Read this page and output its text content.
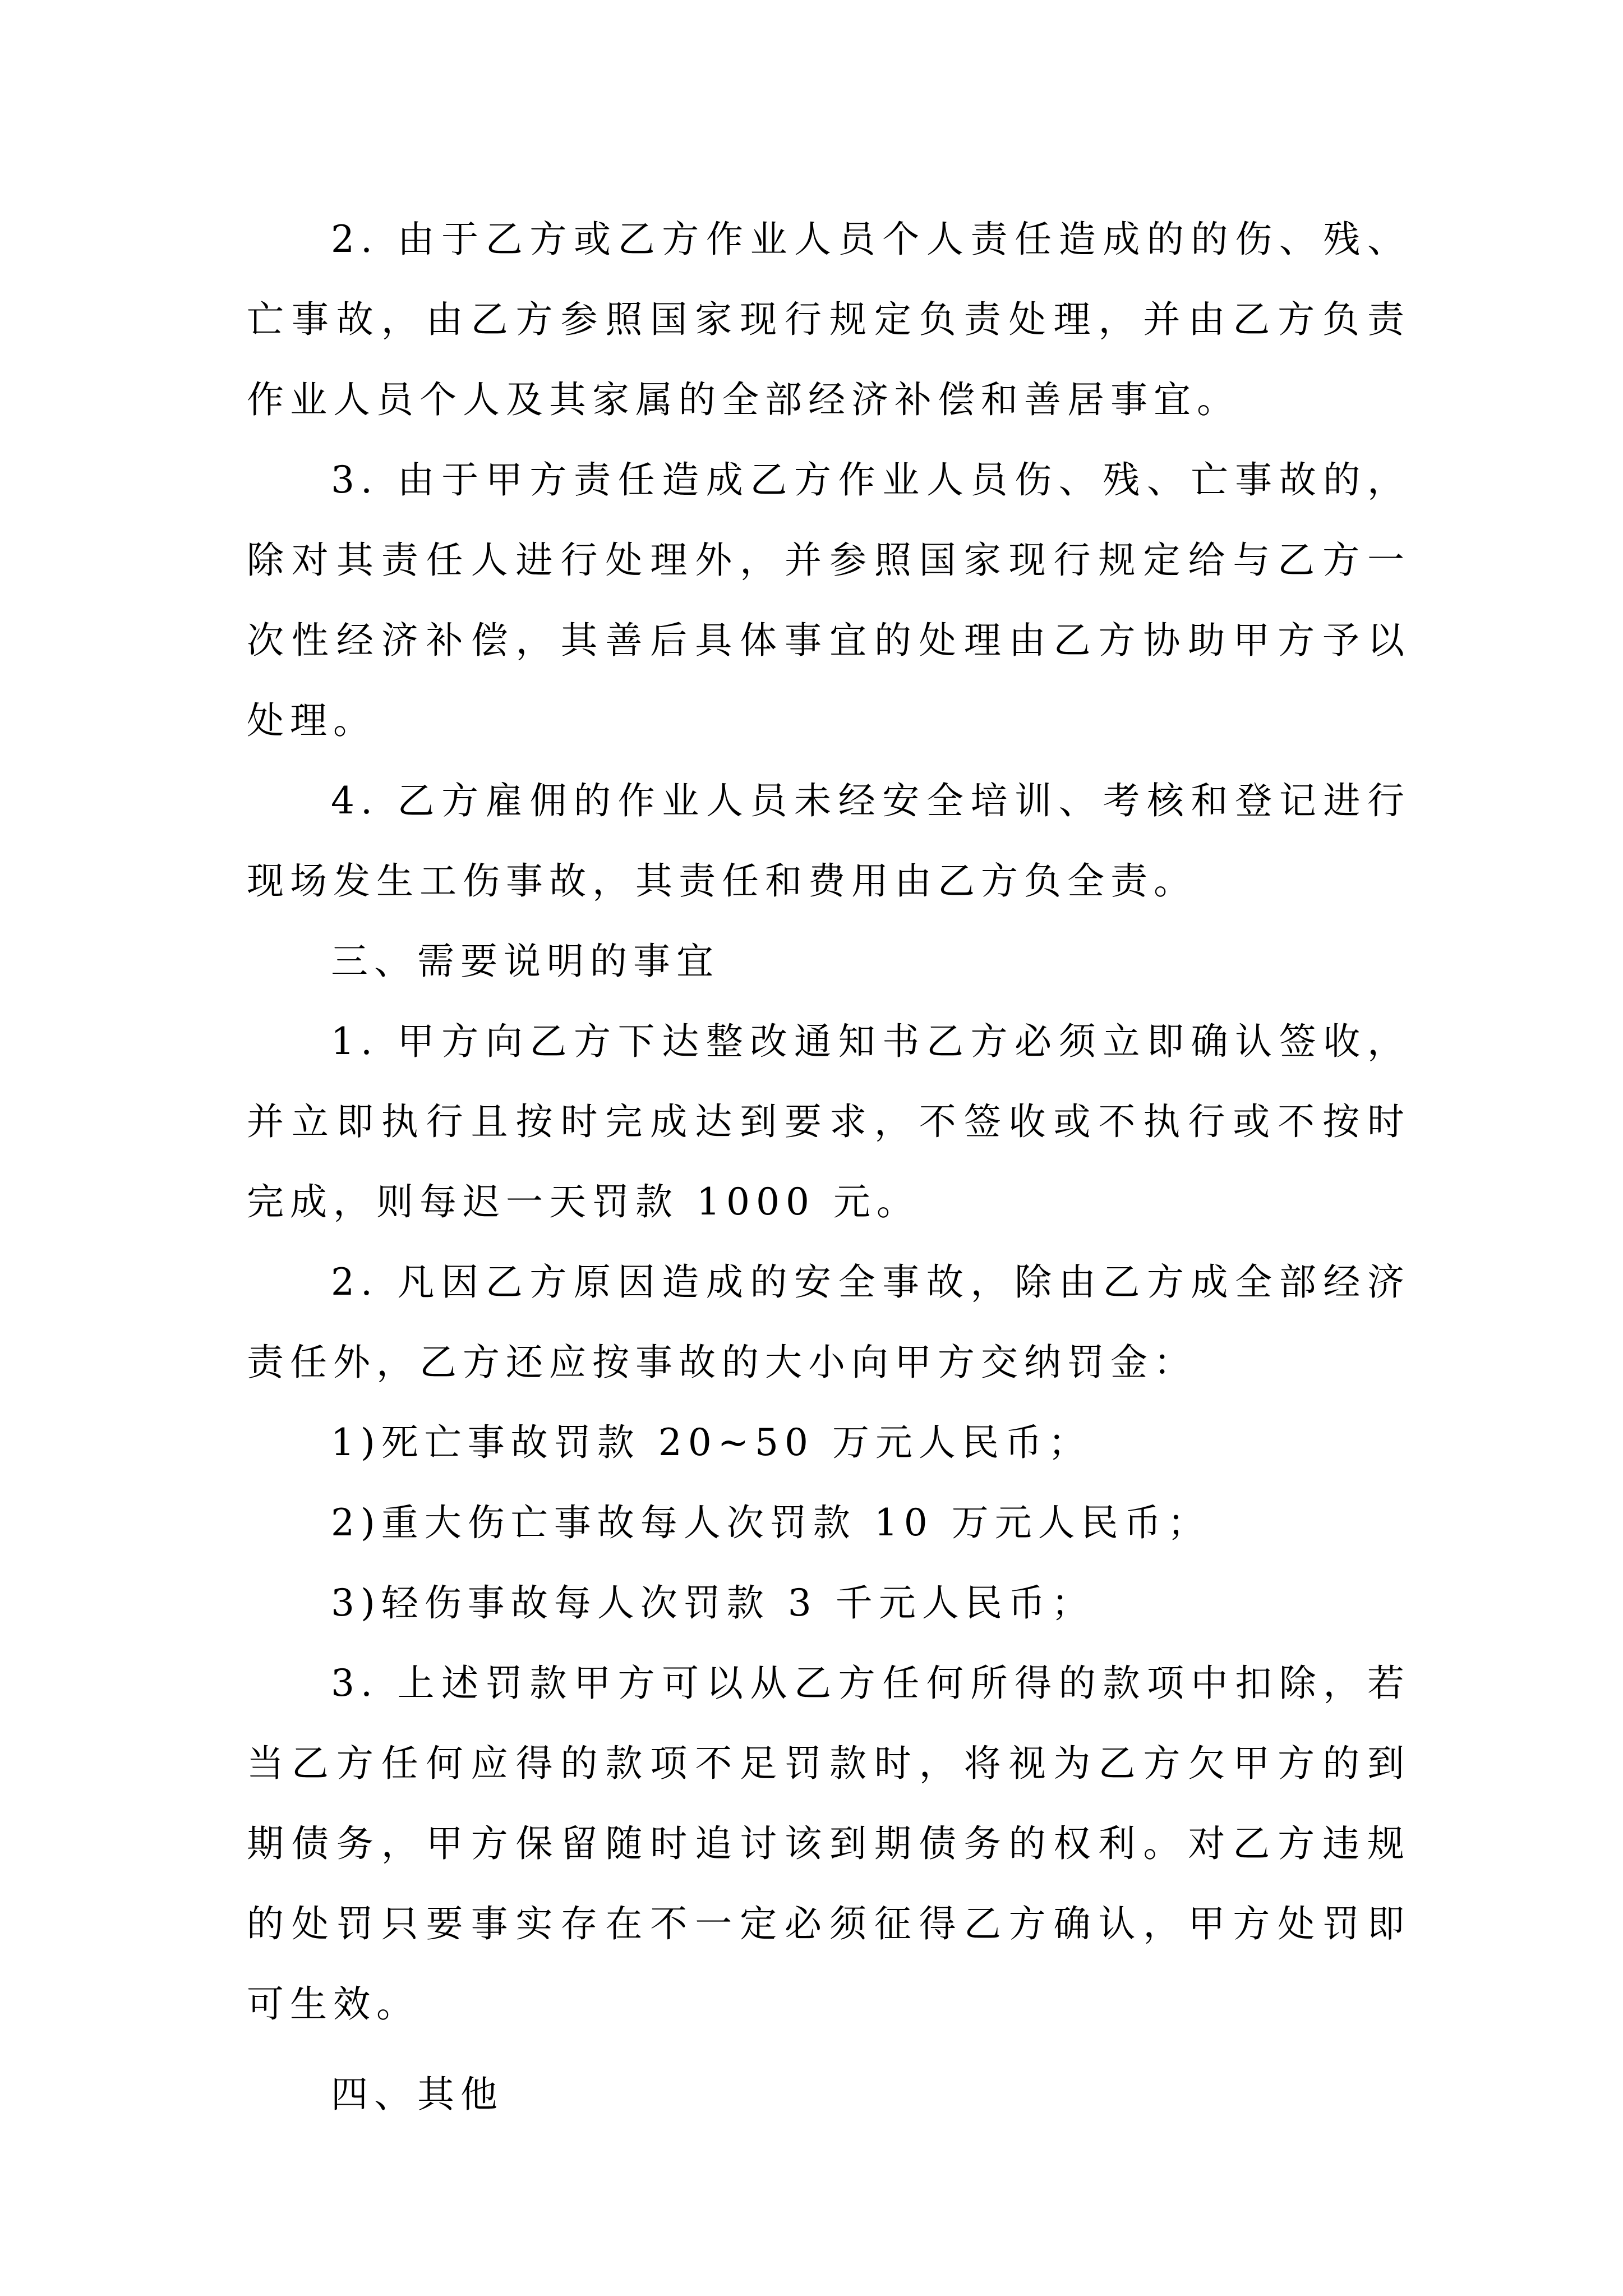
2. 由于乙方或乙方作业人员个人责任造成的的伤、残、亡事故，由乙方参照国家现行规定负责处理，并由乙方负责作业人员个人及其家属的全部经济补偿和善居事宜。

3. 由于甲方责任造成乙方作业人员伤、残、亡事故的，除对其责任人进行处理外，并参照国家现行规定给与乙方一次性经济补偿，其善后具体事宜的处理由乙方协助甲方予以处理。

4. 乙方雇佣的作业人员未经安全培训、考核和登记进行现场发生工伤事故，其责任和费用由乙方负全责。

三、需要说明的事宜

1. 甲方向乙方下达整改通知书乙方必须立即确认签收，并立即执行且按时完成达到要求，不签收或不执行或不按时完成，则每迟一天罚款 1000 元。

2. 凡因乙方原因造成的安全事故，除由乙方成全部经济责任外，乙方还应按事故的大小向甲方交纳罚金：

1)死亡事故罚款 20~50 万元人民币；

2)重大伤亡事故每人次罚款 10 万元人民币；

3)轻伤事故每人次罚款 3 千元人民币；

3. 上述罚款甲方可以从乙方任何所得的款项中扣除，若当乙方任何应得的款项不足罚款时，将视为乙方欠甲方的到期债务，甲方保留随时追讨该到期债务的权利。对乙方违规的处罚只要事实存在不一定必须征得乙方确认，甲方处罚即可生效。

四、其他
